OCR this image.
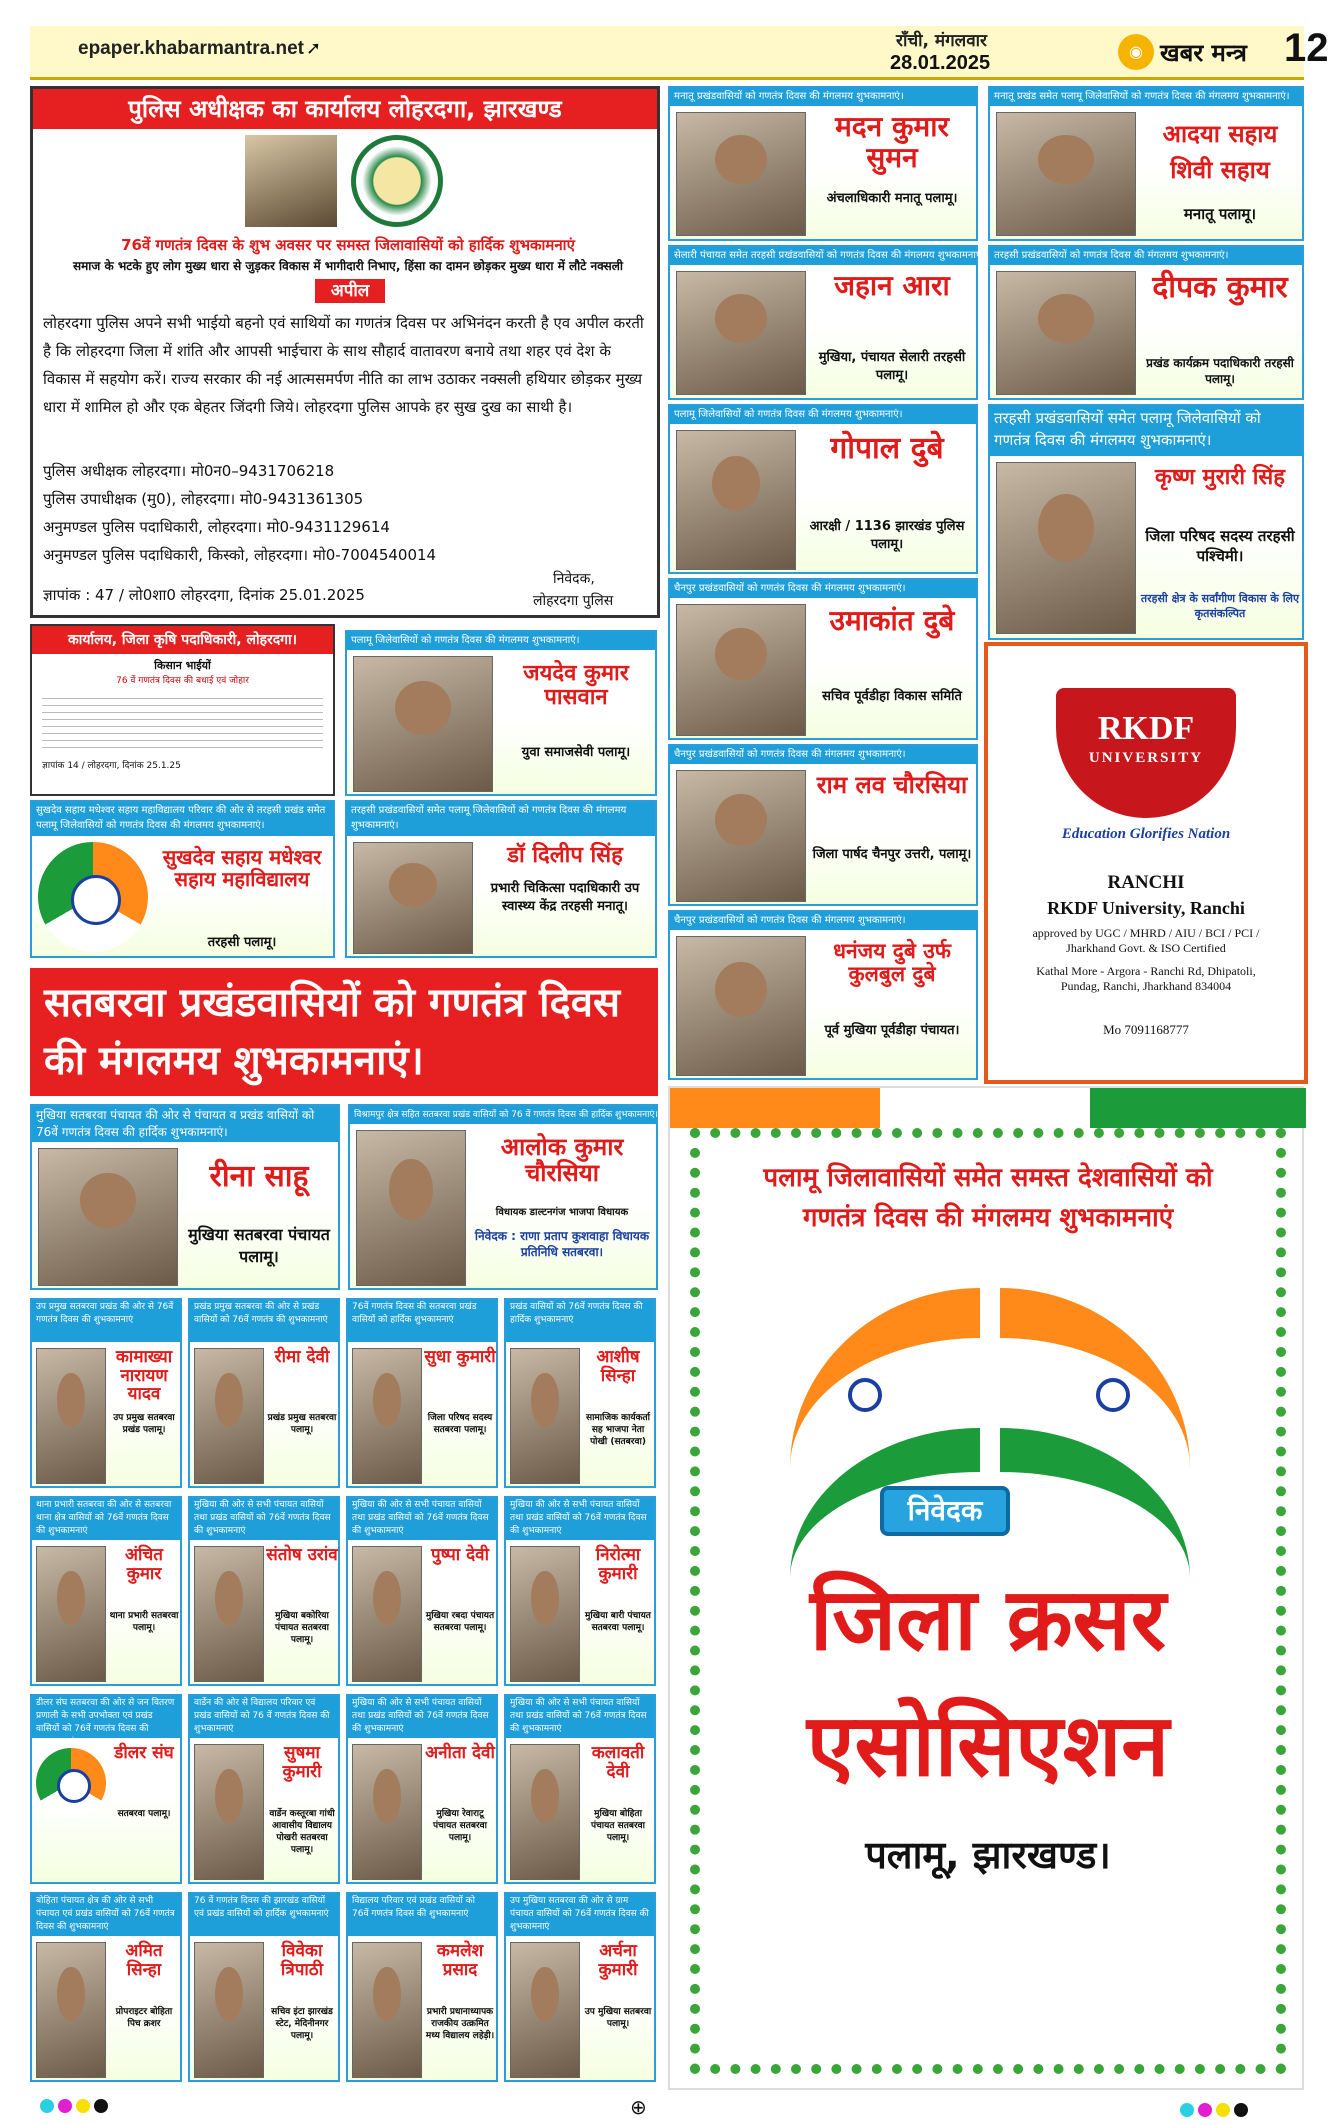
epaper.khabarmantra.net ➚	राँची, मंगलवार
28.01.2025
◉ खबर मन्त्र 12
पुलिस अधीक्षक का कार्यालय लोहरदगा, झारखण्ड
76वें गणतंत्र दिवस के शुभ अवसर पर समस्त जिलावासियों को हार्दिक शुभकामनाएं
समाज के भटके हुए लोग मुख्य धारा से जुड़कर विकास में भागीदारी निभाए, हिंसा का दामन छोड़कर मुख्य धारा में लौटे नक्सली
अपील
लोहरदगा पुलिस अपने सभी भाईयो बहनो एवं साथियों का गणतंत्र दिवस पर अभिनंदन करती है एव अपील करती है कि लोहरदगा जिला में शांति और आपसी भाईचारा के साथ सौहार्द वातावरण बनाये तथा शहर एवं देश के विकास में सहयोग करें। राज्य सरकार की नई आत्मसमर्पण नीति का लाभ उठाकर नक्सली हथियार छोड़कर मुख्य धारा में शामिल हो और एक बेहतर जिंदगी जिये। लोहरदगा पुलिस आपके हर सुख दुख का साथी है।
पुलिस अधीक्षक लोहरदगा। मो0न0–9431706218
पुलिस उपाधीक्षक (मु0), लोहरदगा। मो0-9431361305
अनुमण्डल पुलिस पदाधिकारी, लोहरदगा। मो0-9431129614
अनुमण्डल पुलिस पदाधिकारी, किस्को, लोहरदगा। मो0-7004540014
ज्ञापांक : 47 / लो0शा0 लोहरदगा, दिनांक 25.01.2025
निवेदक,
लोहरदगा पुलिस
कार्यालय, जिला कृषि पदाधिकारी, लोहरदगा।
किसान भाईयों
76 वें गणतंत्र दिवस की बधाई एवं जोहार
ज्ञापांक 14 / लोहरदगा, दिनांक 25.1.25
पलामू जिलेवासियों को गणतंत्र दिवस की मंगलमय शुभकामनाएं।
जयदेव कुमार पासवान
युवा समाजसेवी पलामू।
सुखदेव सहाय मधेश्वर सहाय महाविद्यालय परिवार की ओर से तरहसी प्रखंड समेत पलामू जिलेवासियों को गणतंत्र दिवस की मंगलमय शुभकामनाएं।
सुखदेव सहाय मधेश्वर सहाय महाविद्यालय
तरहसी पलामू।
तरहसी प्रखंडवासियों समेत पलामू जिलेवासियों को गणतंत्र दिवस की मंगलमय शुभकामनाएं।
डॉ दिलीप सिंह
प्रभारी चिकित्सा पदाधिकारी उप स्वास्थ्य केंद्र तरहसी मनातू।
मनातू प्रखंडवासियों को गणतंत्र दिवस की मंगलमय शुभकामनाएं।
मदन कुमार सुमन
अंचलाधिकारी मनातू पलामू।
सेलारी पंचायत समेत तरहसी प्रखंडवासियों को गणतंत्र दिवस की मंगलमय शुभकामनाएं।
जहान आरा
मुखिया, पंचायत सेलारी तरहसी पलामू।
पलामू जिलेवासियों को गणतंत्र दिवस की मंगलमय शुभकामनाएं।
गोपाल दुबे
आरक्षी / 1136 झारखंड पुलिस पलामू।
चैनपुर प्रखंडवासियों को गणतंत्र दिवस की मंगलमय शुभकामनाएं।
उमाकांत दुबे
सचिव पूर्वडीहा विकास समिति
चैनपुर प्रखंडवासियों को गणतंत्र दिवस की मंगलमय शुभकामनाएं।
राम लव चौरसिया
जिला पार्षद चैनपुर उत्तरी, पलामू।
चैनपुर प्रखंडवासियों को गणतंत्र दिवस की मंगलमय शुभकामनाएं।
धनंजय दुबे उर्फ कुलबुल दुबे
पूर्व मुखिया पूर्वडीहा पंचायत।
मनातू प्रखंड समेत पलामू जिलेवासियों को गणतंत्र दिवस की मंगलमय शुभकामनाएं।
आदया सहाय शिवी सहाय
मनातू पलामू।
तरहसी प्रखंडवासियों को गणतंत्र दिवस की मंगलमय शुभकामनाएं।
दीपक कुमार
प्रखंड कार्यक्रम पदाधिकारी तरहसी पलामू।
तरहसी प्रखंडवासियों समेत पलामू जिलेवासियों को गणतंत्र दिवस की मंगलमय शुभकामनाएं।
कृष्ण मुरारी सिंह
जिला परिषद सदस्य तरहसी पश्चिमी।
तरहसी क्षेत्र के सर्वांगीण विकास के लिए कृतसंकल्पित
RKDF
UNIVERSITY
Education Glorifies Nation
RANCHI
RKDF University, Ranchi
approved by UGC / MHRD / AIU / BCI / PCI / Jharkhand Govt. & ISO Certified
Kathal More - Argora - Ranchi Rd, Dhipatoli, Pundag, Ranchi, Jharkhand 834004
Mo 7091168777
सतबरवा प्रखंडवासियों को गणतंत्र दिवस की मंगलमय शुभकामनाएं।
मुखिया सतबरवा पंचायत की ओर से पंचायत व प्रखंड वासियों को 76वें गणतंत्र दिवस की हार्दिक शुभकामनाएं।
रीना साहू
मुखिया सतबरवा पंचायत पलामू।
विश्रामपुर क्षेत्र सहित सतबरवा प्रखंड वासियों को 76 वें गणतंत्र दिवस की हार्दिक शुभकामनाएं।
आलोक कुमार चौरसिया
विधायक डाल्टनगंज भाजपा विधायक
निवेदक : राणा प्रताप कुशवाहा विधायक प्रतिनिधि सतबरवा।
उप प्रमुख सतबरवा प्रखंड की ओर से 76वें गणतंत्र दिवस की शुभकामनाएं
कामाख्या नारायण यादव
उप प्रमुख सतबरवा प्रखंड पलामू।
प्रखंड प्रमुख सतबरवा की ओर से प्रखंड वासियों को 76वें गणतंत्र की शुभकामनाएं
रीमा देवी
प्रखंड प्रमुख सतबरवा पलामू।
76वें गणतंत्र दिवस की सतबरवा प्रखंड वासियों को हार्दिक शुभकामनाएं
सुधा कुमारी
जिला परिषद सदस्य सतबरवा पलामू।
प्रखंड वासियों को 76वें गणतंत्र दिवस की हार्दिक शुभकामनाएं
आशीष सिन्हा
सामाजिक कार्यकर्ता सह भाजपा नेता पोखी (सतबरवा)
थाना प्रभारी सतबरवा की ओर से सतबरवा थाना क्षेत्र वासियों को 76वें गणतंत्र दिवस की शुभकामनाएं
अंचित कुमार
थाना प्रभारी सतबरवा पलामू।
मुखिया की ओर से सभी पंचायत वासियों तथा प्रखंड वासियों को 76वें गणतंत्र दिवस की शुभकामनाएं
संतोष उरांव
मुखिया बकोरिया पंचायत सतबरवा पलामू।
मुखिया की ओर से सभी पंचायत वासियों तथा प्रखंड वासियों को 76वें गणतंत्र दिवस की शुभकामनाएं
पुष्पा देवी
मुखिया रबदा पंचायत सतबरवा पलामू।
मुखिया की ओर से सभी पंचायत वासियों तथा प्रखंड वासियों को 76वें गणतंत्र दिवस की शुभकामनाएं
निरोत्मा कुमारी
मुखिया बारी पंचायत सतबरवा पलामू।
डीलर संघ सतबरवा की ओर से जन वितरण प्रणाली के सभी उपभोक्ता एवं प्रखंड वासियों को 76वें गणतंत्र दिवस की शुभकामनाएं
डीलर संघ
सतबरवा पलामू।
वार्डेन की ओर से विद्यालय परिवार एवं प्रखंड वासियों को 76 वें गणतंत्र दिवस की शुभकामनाएं
सुषमा कुमारी
वार्डेन कस्तूरबा गांधी आवासीय विद्यालय पोखरी सतबरवा पलामू।
मुखिया की ओर से सभी पंचायत वासियों तथा प्रखंड वासियों को 76वें गणतंत्र दिवस की शुभकामनाएं
अनीता देवी
मुखिया रेवाराटू पंचायत सतबरवा पलामू।
मुखिया की ओर से सभी पंचायत वासियों तथा प्रखंड वासियों को 76वें गणतंत्र दिवस की शुभकामनाएं
कलावती देवी
मुखिया बोहिता पंचायत सतबरवा पलामू।
बोहिता पंचायत क्षेत्र की ओर से सभी पंचायत एवं प्रखंड वासियों को 76वें गणतंत्र दिवस की शुभकामनाएं
अमित सिन्हा
प्रोपराइटर बोहिता पिच क्रशर
76 वें गणतंत्र दिवस की झारखंड वासियों एवं प्रखंड वासियों को हार्दिक शुभकामनाएं
विवेका त्रिपाठी
सचिव इंटा झारखंड स्टेट, मेदिनीनगर पलामू।
विद्यालय परिवार एवं प्रखंड वासियों को 76वें गणतंत्र दिवस की शुभकामनाएं
कमलेश प्रसाद
प्रभारी प्रधानाध्यापक राजकीय उत्क्रमित मध्य विद्यालय लहेड़ी।
उप मुखिया सतबरवा की ओर से ग्राम पंचायत वासियों को 76वें गणतंत्र दिवस की शुभकामनाएं
अर्चना कुमारी
उप मुखिया सतबरवा पलामू।
पलामू जिलावासियों समेत समस्त देशवासियों को गणतंत्र दिवस की मंगलमय शुभकामनाएं
निवेदक
जिला क्रसर
एसोसिएशन
पलामू, झारखण्ड।
⊕
